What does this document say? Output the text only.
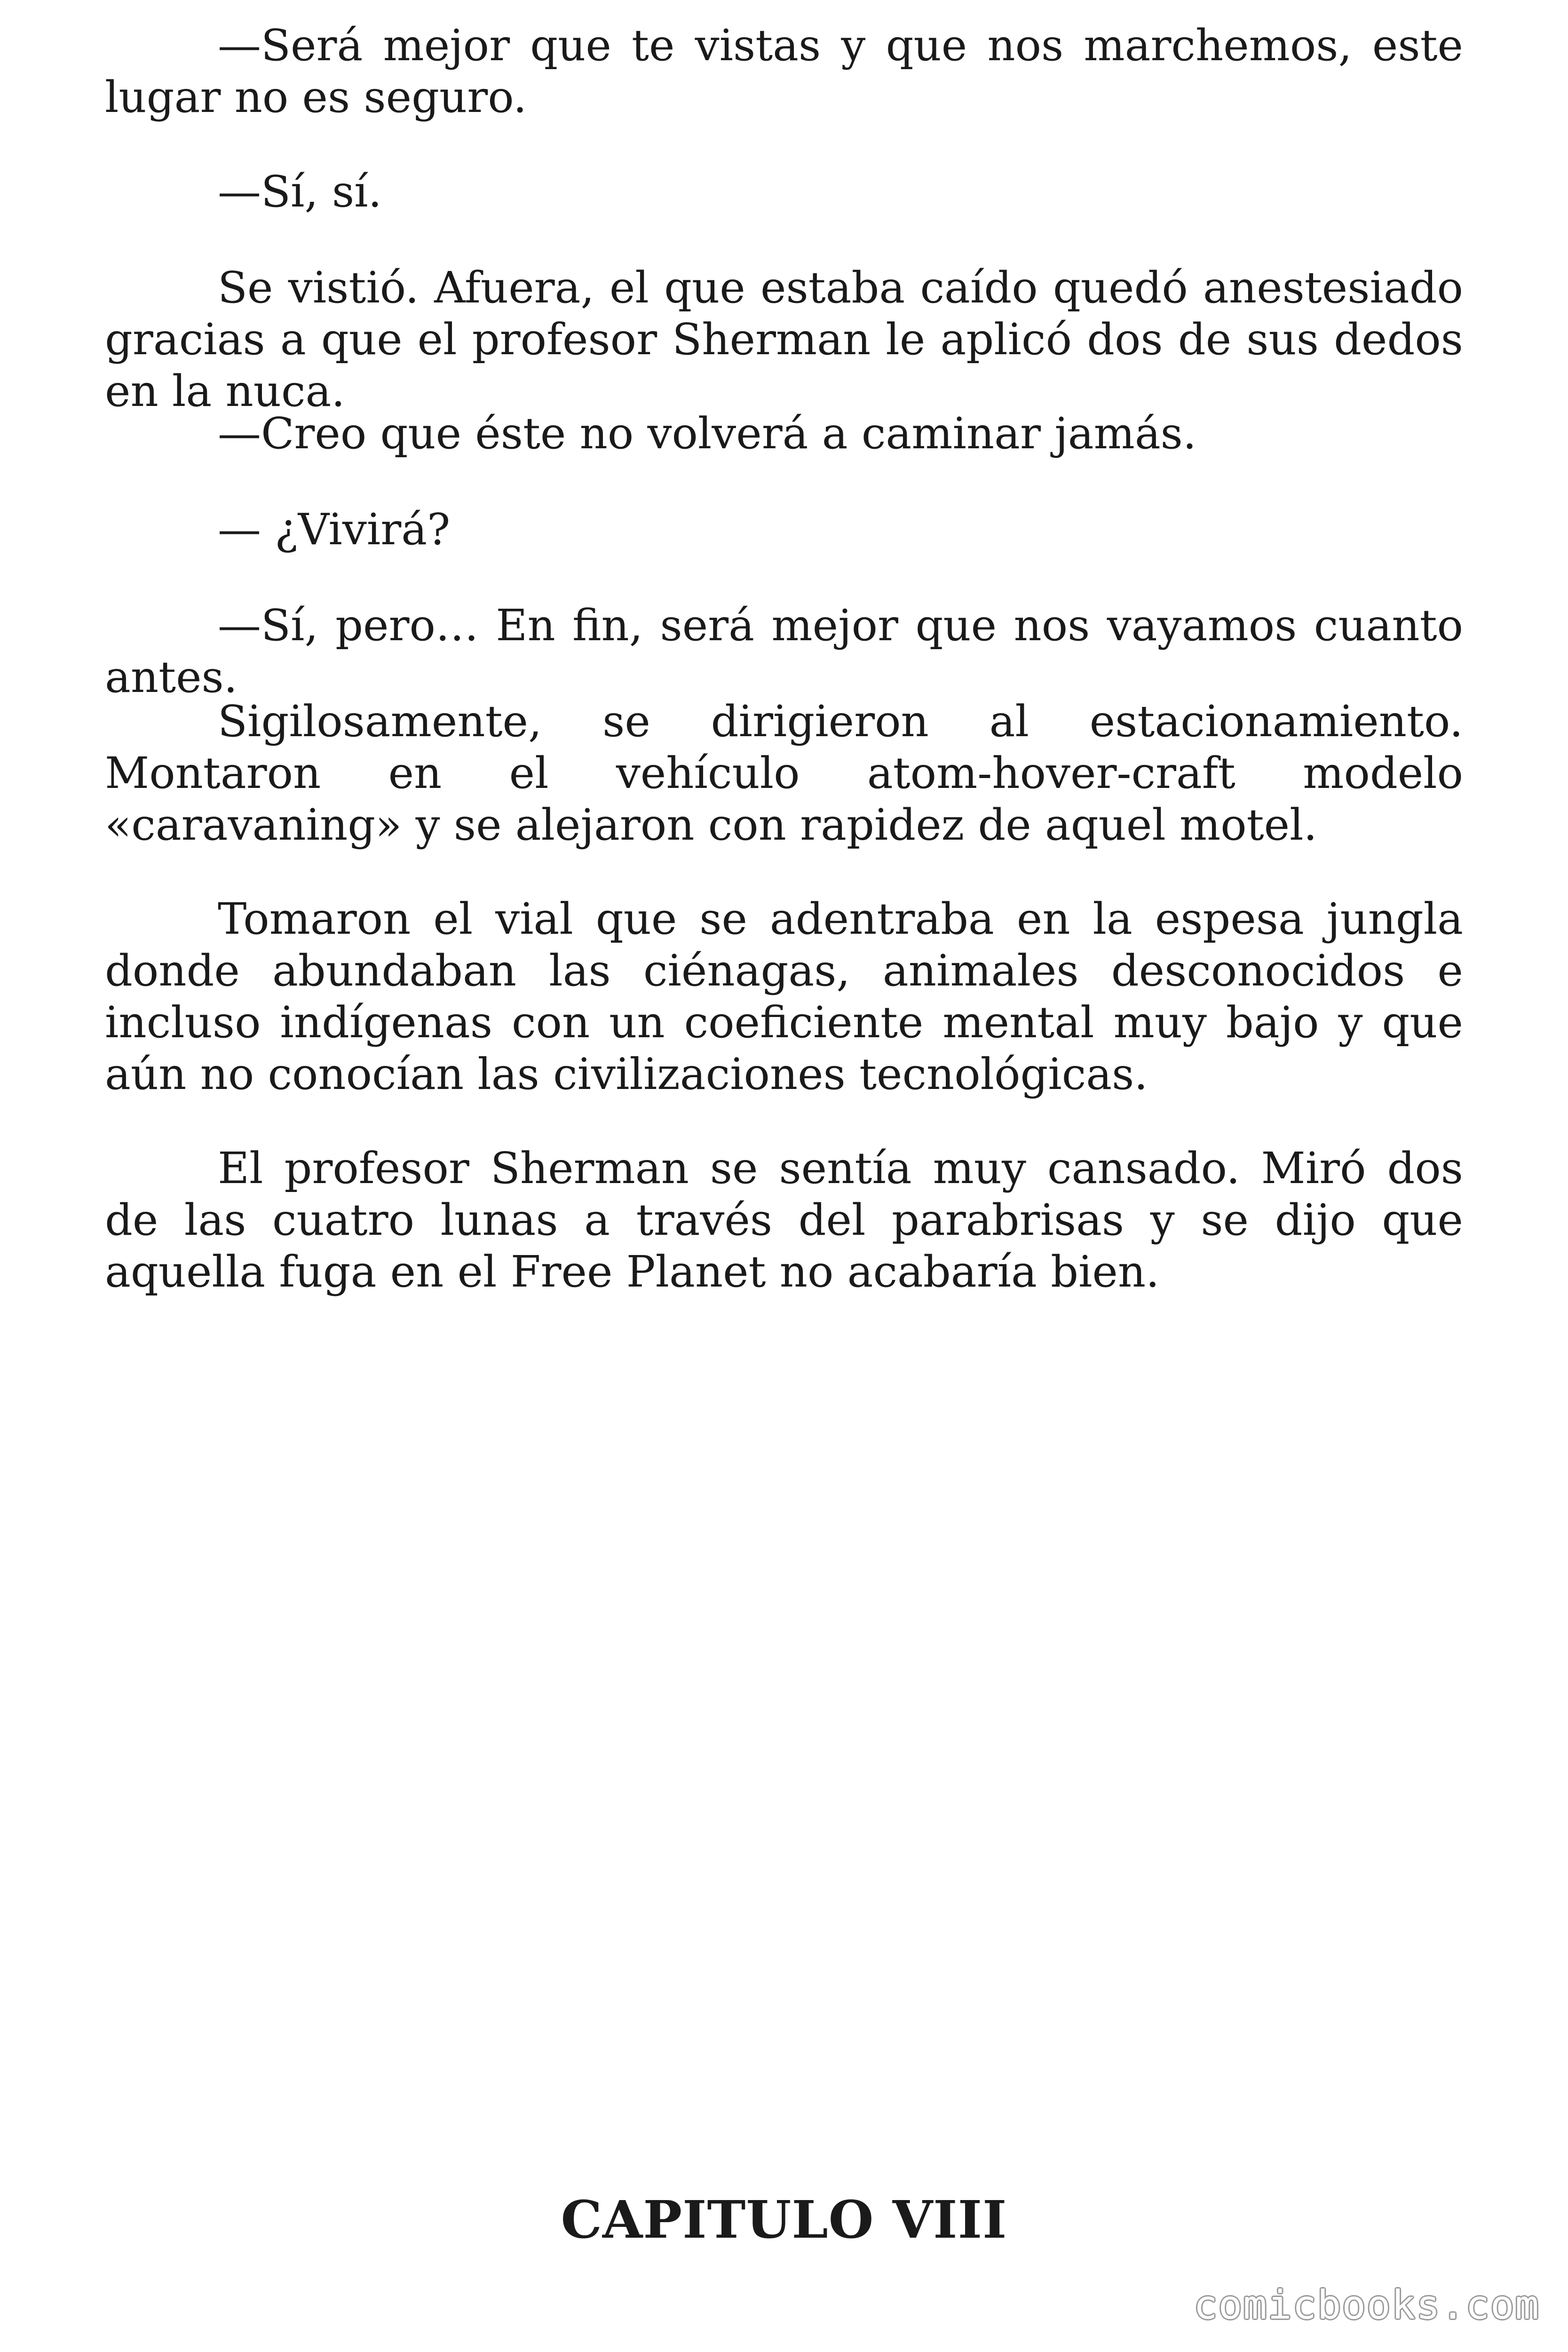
—Será mejor que te vistas y que nos marchemos, este lugar no es seguro.

—Sí, sí.

Se vistió. Afuera, el que estaba caído quedó anestesiado gracias a que el profesor Sherman le aplicó dos de sus dedos en la nuca.

—Creo que éste no volverá a caminar jamás.

— ¿Vivirá?

—Sí, pero… En fin, será mejor que nos vayamos cuanto antes.

Sigilosamente, se dirigieron al estacionamiento. Montaron en el vehículo atom-hover-craft modelo «caravaning» y se alejaron con rapidez de aquel motel.

Tomaron el vial que se adentraba en la espesa jungla donde abundaban las ciénagas, animales desconocidos e incluso indígenas con un coeficiente mental muy bajo y que aún no conocían las civilizaciones tecnológicas.

El profesor Sherman se sentía muy cansado. Miró dos de las cuatro lunas a través del parabrisas y se dijo que aquella fuga en el Free Planet no acabaría bien.

CAPITULO VIII
comicbooks.com
